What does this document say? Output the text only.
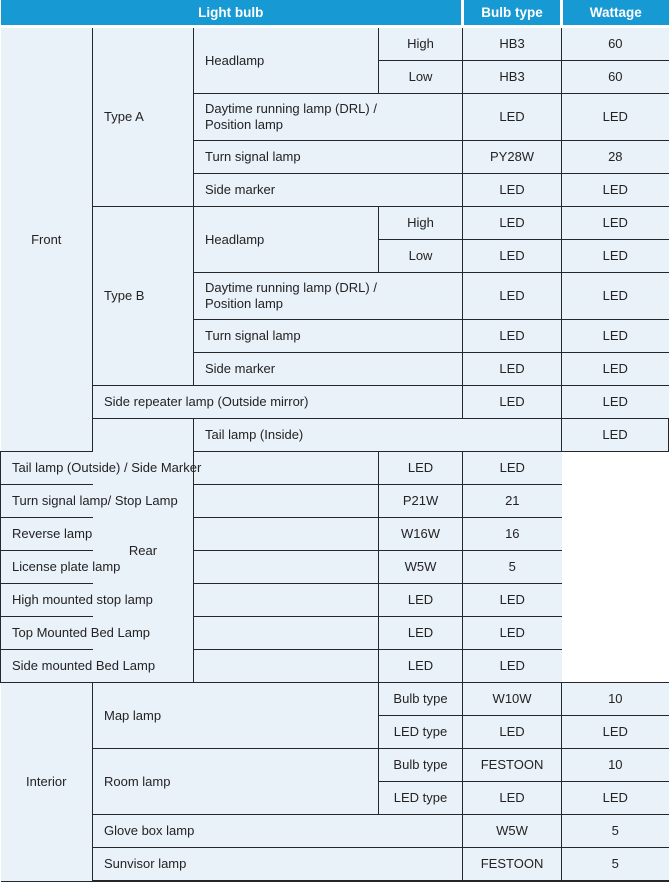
Light bulb				Bulb type	Wattage	
Front	Type A	Headlamp	High	HB3	60	
			Low	HB3	60	
		Daytime running lamp (DRL) / Position lamp		LED	LED	
		Turn signal lamp		PY28W	28	
		Side marker		LED	LED	
	Type B	Headlamp	High	LED	LED	
			Low	LED	LED	
		Daytime running lamp (DRL) / Position lamp		LED	LED	
		Turn signal lamp		LED	LED	
		Side marker		LED	LED	
	Side repeater lamp (Outside mirror)			LED	LED	
	Rear	Tail lamp (Inside)			LED	
Tail lamp (Outside) / Side Marker			LED	LED		
Turn signal lamp/ Stop Lamp			P21W	21		
Reverse lamp			W16W	16		
License plate lamp			W5W	5		
High mounted stop lamp			LED	LED		
Top Mounted Bed Lamp			LED	LED		
Side mounted Bed Lamp			LED	LED		
Interior	Map lamp		Bulb type	W10W	10	
			LED type	LED	LED	
	Room lamp		Bulb type	FESTOON	10	
			LED type	LED	LED	
	Glove box lamp			W5W	5	
	Sunvisor lamp			FESTOON	5	
